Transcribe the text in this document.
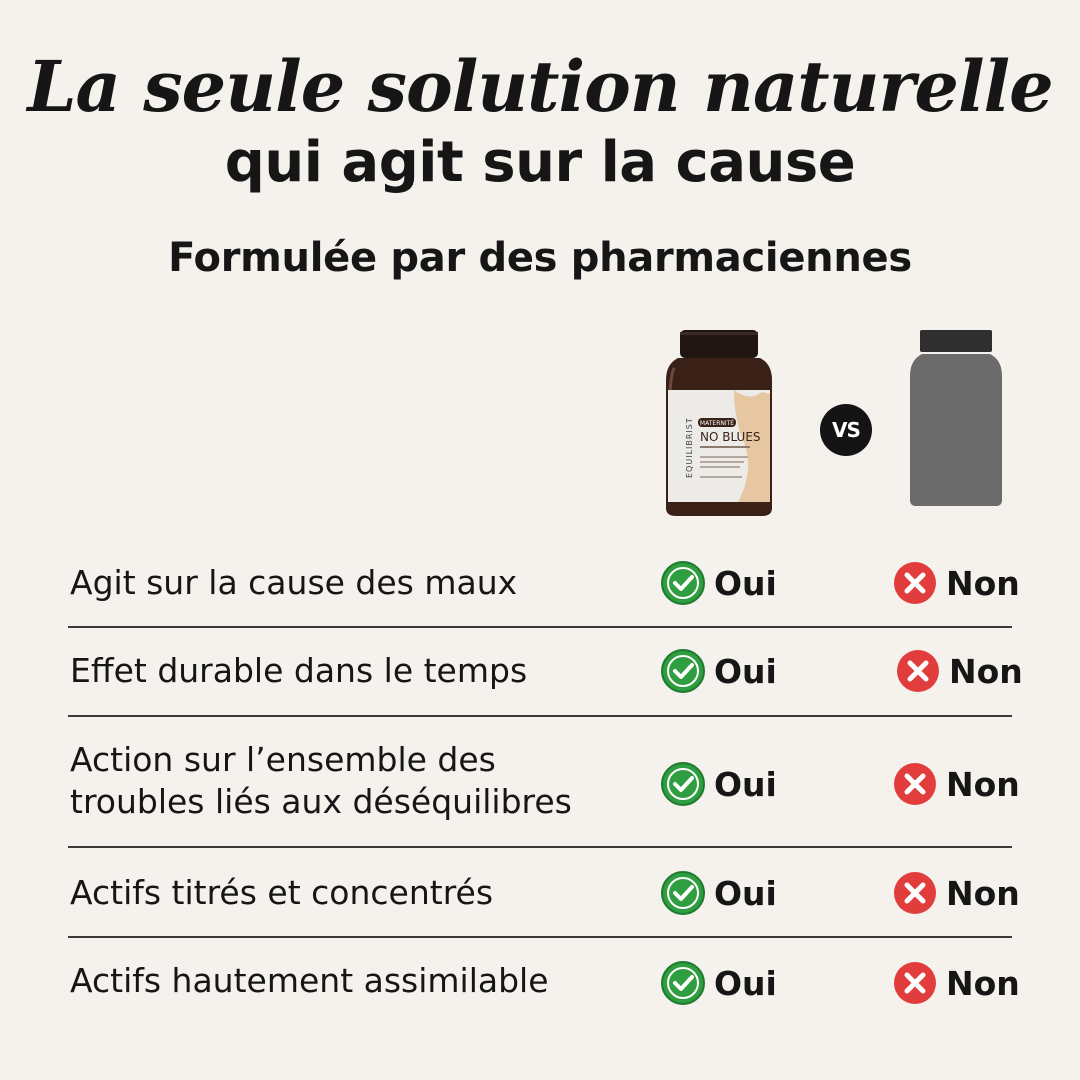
La seule solution naturelle
qui agit sur la cause
Formulée par des pharmaciennes
EQUILIBRIST MATERNITÉ
NO BLUES	VS
Agit sur la cause des maux	Oui	Non
Effet durable dans le temps	Oui	Non
Action sur l’ensemble des troubles liés aux déséquilibres	Oui	Non
Actifs titrés et concentrés	Oui	Non
Actifs hautement assimilable	Oui	Non
